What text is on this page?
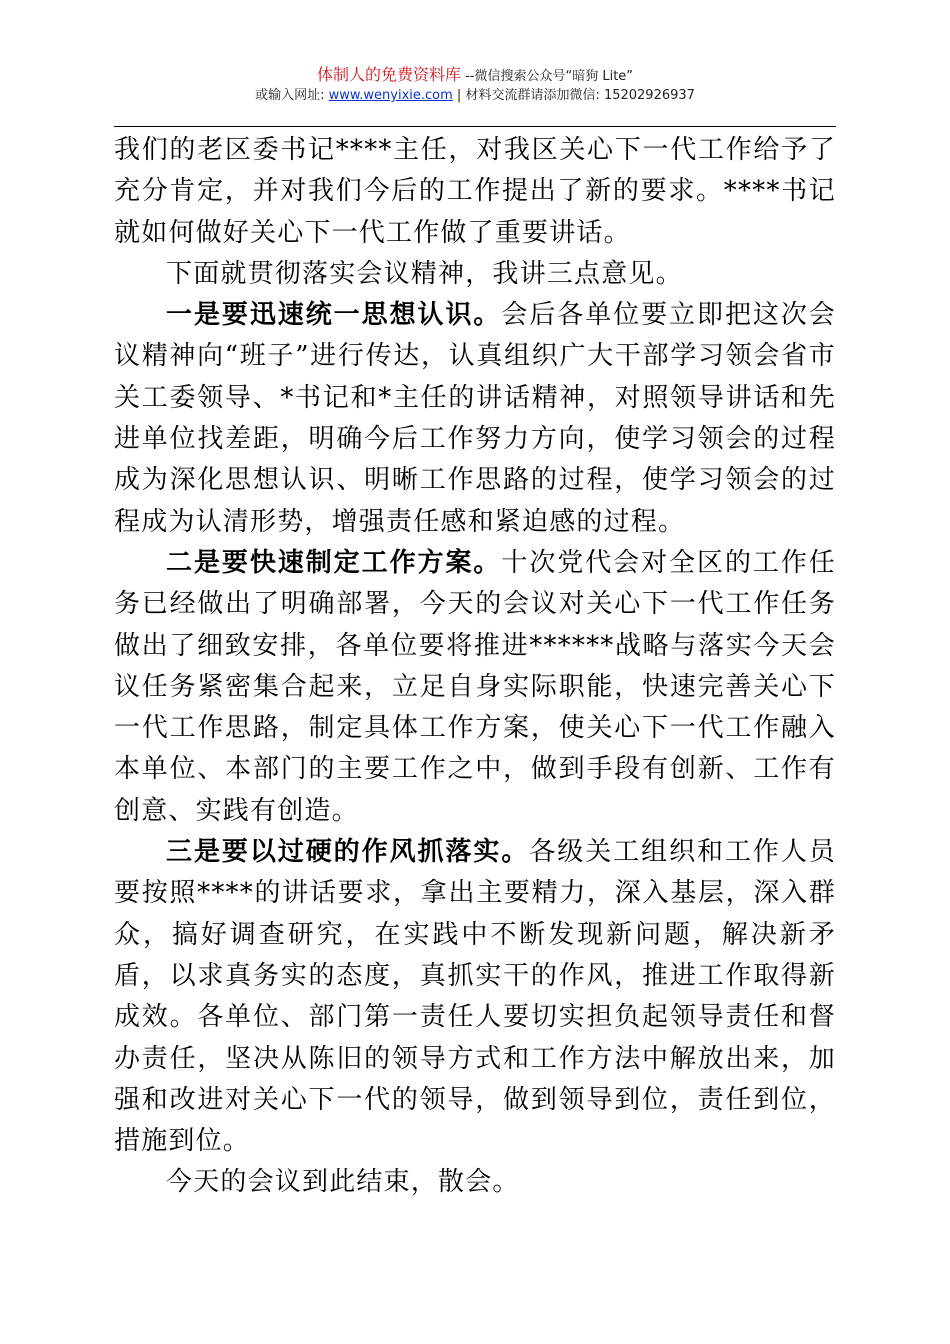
体制人的免费资料库 --微信搜索公众号“暗狗 Lite”
或输入网址: www.wenyixie.com | 材料交流群请添加微信: 15202926937

我们的老区委书记****主任，对我区关心下一代工作给予了充分肯定，并对我们今后的工作提出了新的要求。****书记就如何做好关心下一代工作做了重要讲话。

下面就贯彻落实会议精神，我讲三点意见。

一是要迅速统一思想认识。会后各单位要立即把这次会议精神向“班子”进行传达，认真组织广大干部学习领会省市关工委领导、*书记和*主任的讲话精神，对照领导讲话和先进单位找差距，明确今后工作努力方向，使学习领会的过程成为深化思想认识、明晰工作思路的过程，使学习领会的过程成为认清形势，增强责任感和紧迫感的过程。

二是要快速制定工作方案。十次党代会对全区的工作任务已经做出了明确部署，今天的会议对关心下一代工作任务做出了细致安排，各单位要将推进******战略与落实今天会议任务紧密集合起来，立足自身实际职能，快速完善关心下一代工作思路，制定具体工作方案，使关心下一代工作融入本单位、本部门的主要工作之中，做到手段有创新、工作有创意、实践有创造。

三是要以过硬的作风抓落实。各级关工组织和工作人员要按照****的讲话要求，拿出主要精力，深入基层，深入群众，搞好调查研究，在实践中不断发现新问题，解决新矛盾，以求真务实的态度，真抓实干的作风，推进工作取得新成效。各单位、部门第一责任人要切实担负起领导责任和督办责任，坚决从陈旧的领导方式和工作方法中解放出来，加强和改进对关心下一代的领导，做到领导到位，责任到位，措施到位。

今天的会议到此结束，散会。
